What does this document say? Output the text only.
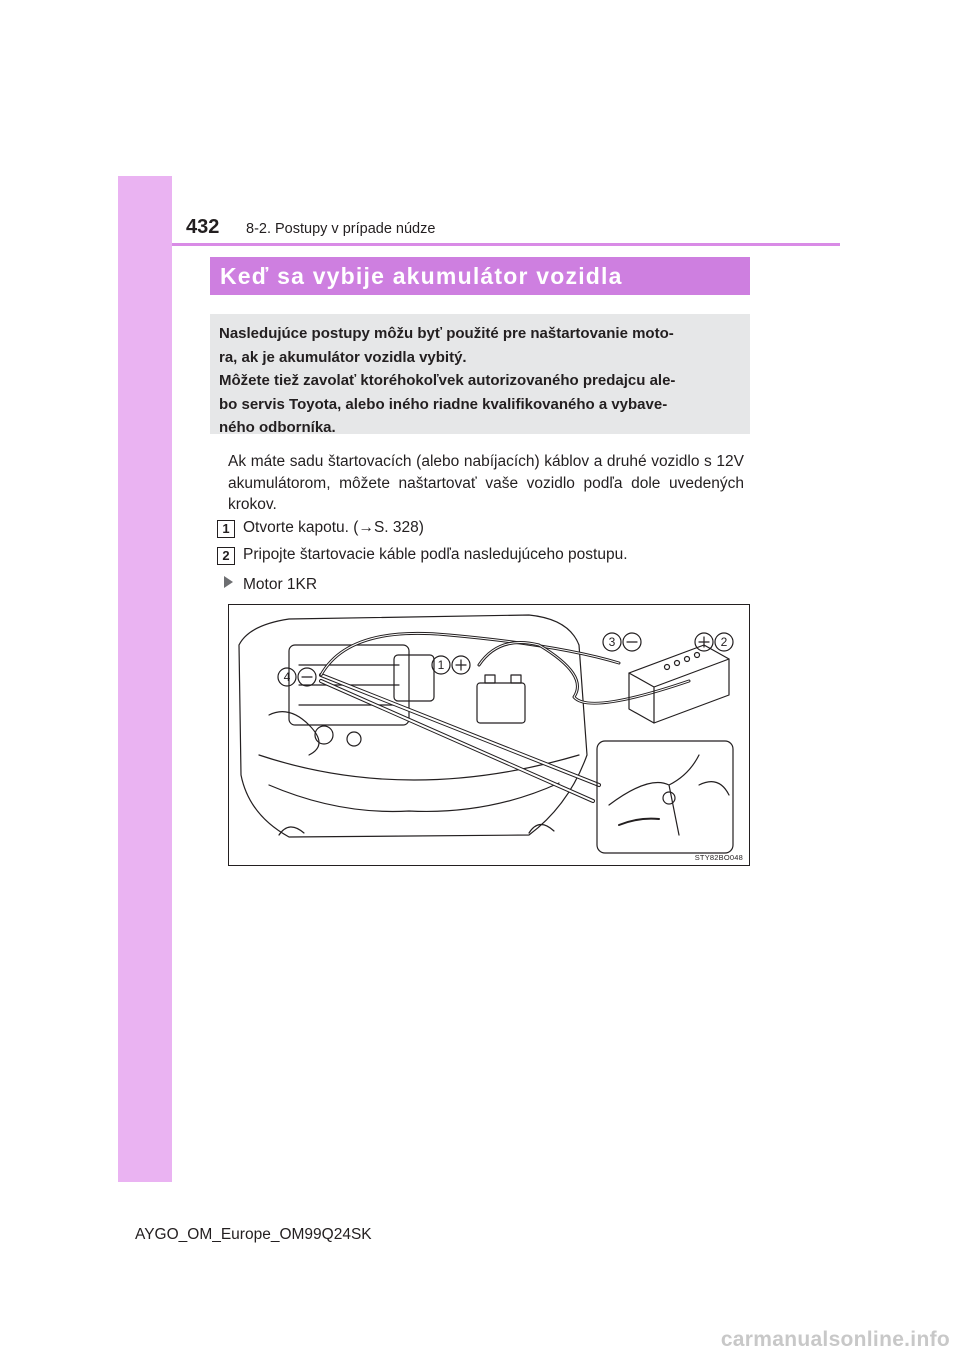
432 8-2. Postupy v prípade núdze
Keď sa vybije akumulátor vozidla

Nasledujúce postupy môžu byť použité pre naštartovanie moto-
ra, ak je akumulátor vozidla vybitý.
Môžete tiež zavolať ktoréhokoľvek autorizovaného predajcu ale-
bo servis Toyota, alebo iného riadne kvalifikovaného a vybave-
ného odborníka.

Ak máte sadu štartovacích (alebo nabíjacích) káblov a druhé vozidlo s 12V akumulátorom, môžete naštartovať vaše vozidlo podľa dole uvedených krokov.

1 Otvorte kapotu. (→S. 328)
2 Pripojte štartovacie káble podľa nasledujúceho postupu.
Motor 1KR
4
1
3	2
STY82BO048
AYGO_OM_Europe_OM99Q24SK
carmanualsonline.info
